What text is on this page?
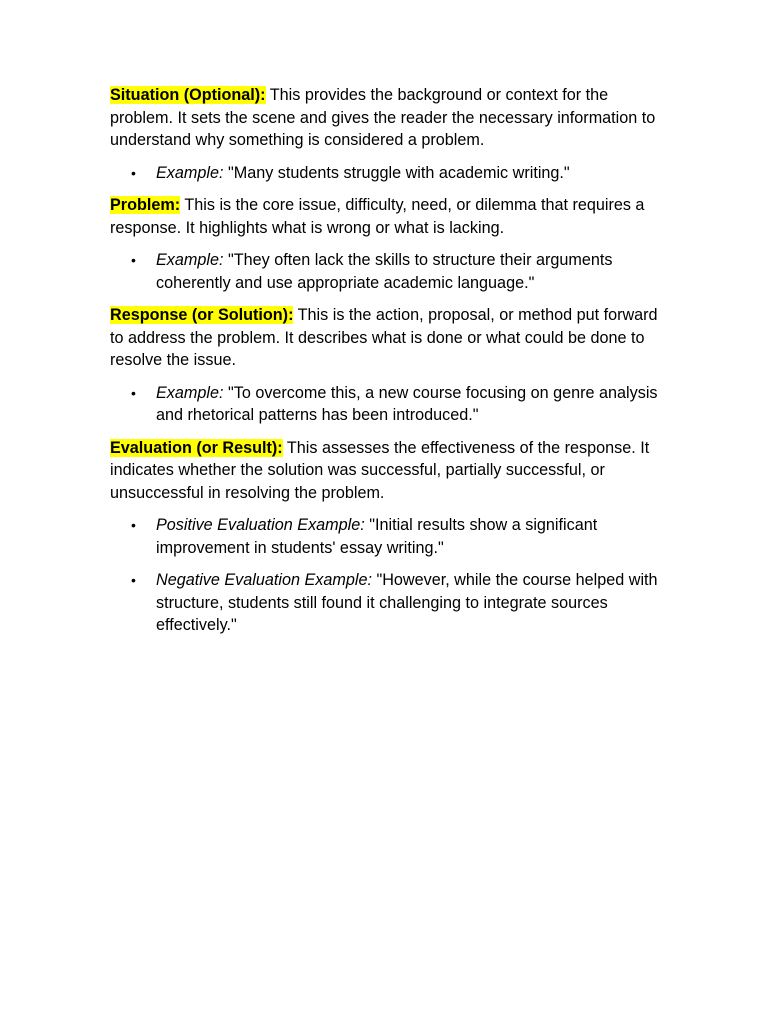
Situation (Optional): This provides the background or context for the problem. It sets the scene and gives the reader the necessary information to understand why something is considered a problem.

• Example: "Many students struggle with academic writing."

Problem: This is the core issue, difficulty, need, or dilemma that requires a response. It highlights what is wrong or what is lacking.

• Example: "They often lack the skills to structure their arguments coherently and use appropriate academic language."

Response (or Solution): This is the action, proposal, or method put forward to address the problem. It describes what is done or what could be done to resolve the issue.

• Example: "To overcome this, a new course focusing on genre analysis and rhetorical patterns has been introduced."

Evaluation (or Result): This assesses the effectiveness of the response. It indicates whether the solution was successful, partially successful, or unsuccessful in resolving the problem.

• Positive Evaluation Example: "Initial results show a significant improvement in students' essay writing."
• Negative Evaluation Example: "However, while the course helped with structure, students still found it challenging to integrate sources effectively."
